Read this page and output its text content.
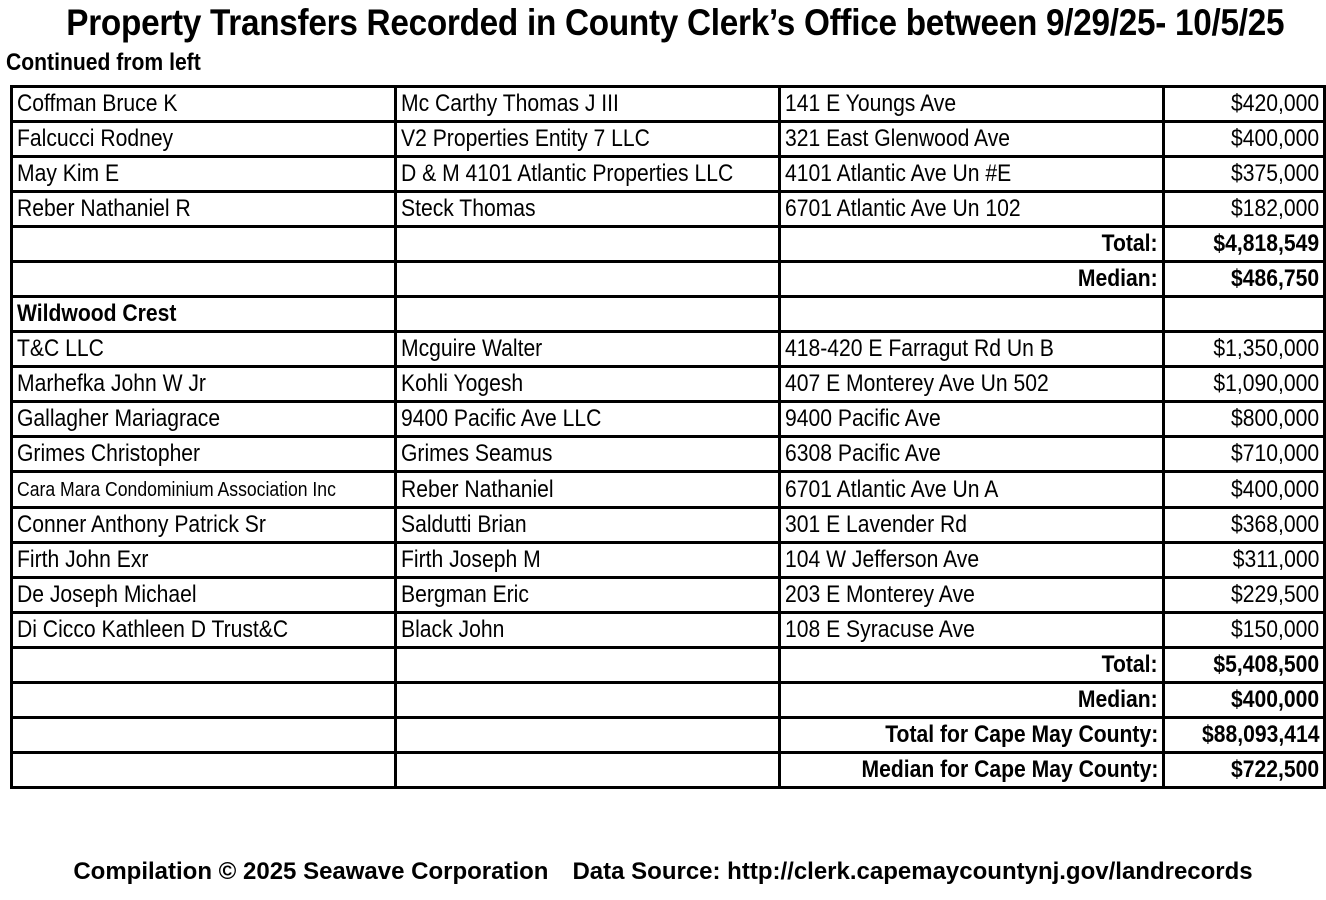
Property Transfers Recorded in County Clerk’s Office between 9/29/25- 10/5/25
Continued from left
Coffman Bruce K	Mc Carthy Thomas J III	141 E Youngs Ave	$420,000
Falcucci Rodney	V2 Properties Entity 7 LLC	321 East Glenwood Ave	$400,000
May Kim E	D & M 4101 Atlantic Properties LLC	4101 Atlantic Ave Un #E	$375,000
Reber Nathaniel R	Steck Thomas	6701 Atlantic Ave Un 102	$182,000
		Total:	$4,818,549
		Median:	$486,750
Wildwood Crest			
T&C LLC	Mcguire Walter	418-420 E Farragut Rd Un B	$1,350,000
Marhefka John W Jr	Kohli Yogesh	407 E Monterey Ave Un 502	$1,090,000
Gallagher Mariagrace	9400 Pacific Ave LLC	9400 Pacific Ave	$800,000
Grimes Christopher	Grimes Seamus	6308 Pacific Ave	$710,000
Cara Mara Condominium Association Inc	Reber Nathaniel	6701 Atlantic Ave Un A	$400,000
Conner Anthony Patrick Sr	Saldutti Brian	301 E Lavender Rd	$368,000
Firth John Exr	Firth Joseph M	104 W Jefferson Ave	$311,000
De Joseph Michael	Bergman Eric	203 E Monterey Ave	$229,500
Di Cicco Kathleen D Trust&C	Black John	108 E Syracuse Ave	$150,000
		Total:	$5,408,500
		Median:	$400,000
		Total for Cape May County:	$88,093,414
		Median for Cape May County:	$722,500
Compilation © 2025 Seawave Corporation Data Source: http://clerk.capemaycountynj.gov/landrecords
